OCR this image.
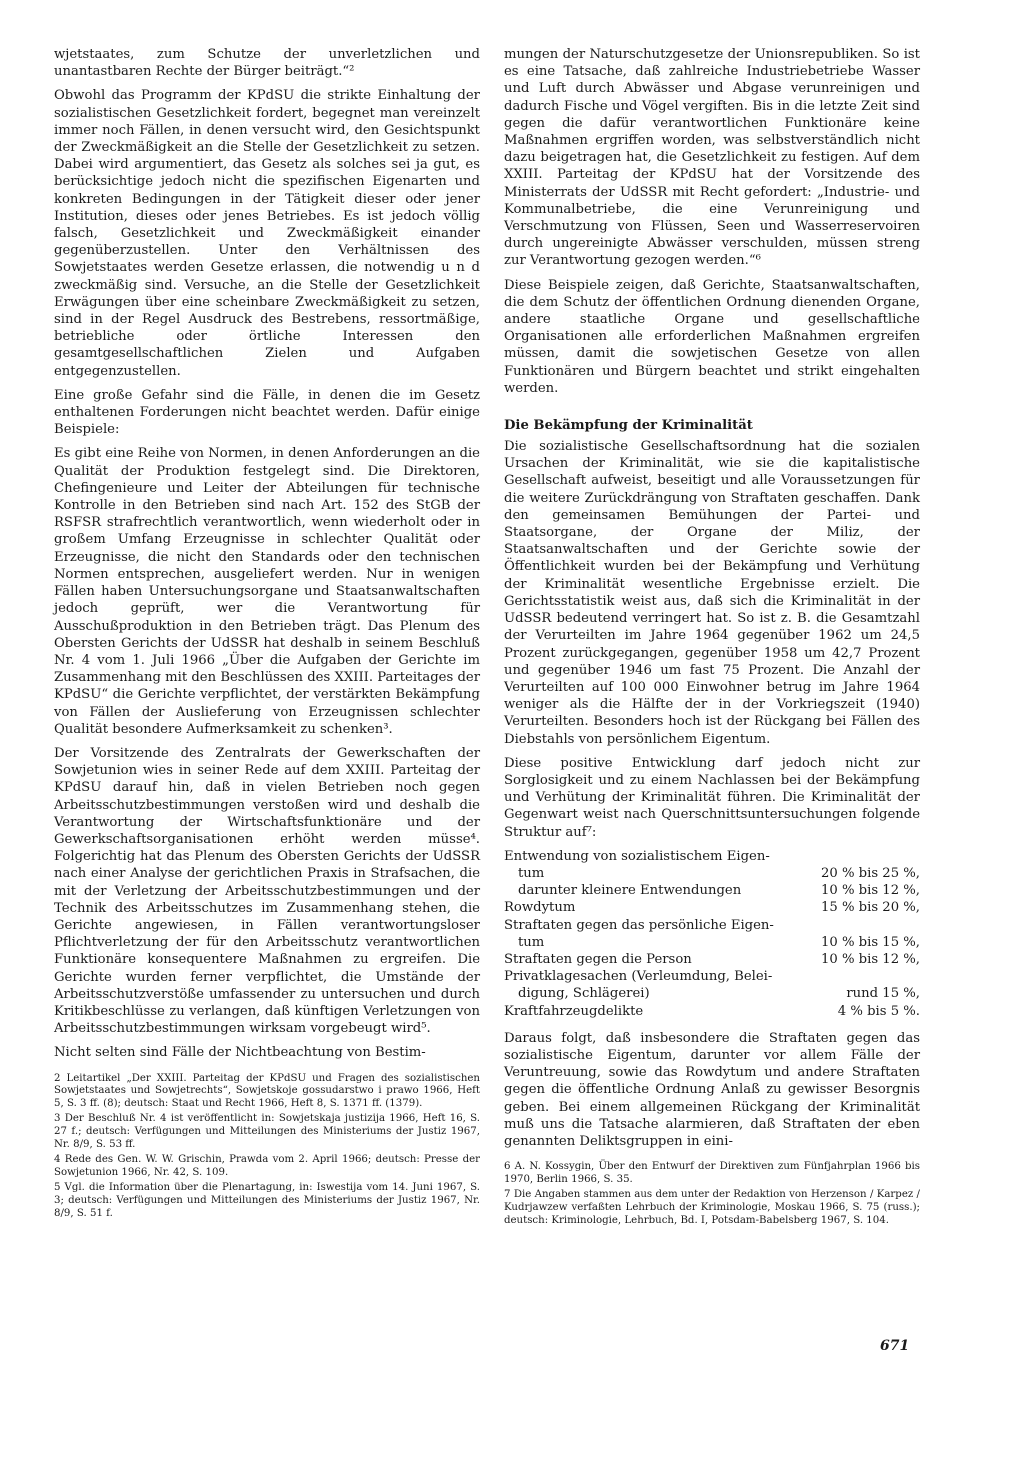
wjetstaates, zum Schutze der unverletzlichen und unantastbaren Rechte der Bürger beiträgt.“²

Obwohl das Programm der KPdSU die strikte Einhaltung der sozialistischen Gesetzlichkeit fordert, begegnet man vereinzelt immer noch Fällen, in denen versucht wird, den Gesichtspunkt der Zweckmäßigkeit an die Stelle der Gesetzlichkeit zu setzen. Dabei wird argumentiert, das Gesetz als solches sei ja gut, es berücksichtige jedoch nicht die spezifischen Eigenarten und konkreten Bedingungen in der Tätigkeit dieser oder jener Institution, dieses oder jenes Betriebes. Es ist jedoch völlig falsch, Gesetzlichkeit und Zweckmäßigkeit einander gegenüberzustellen. Unter den Verhältnissen des Sowjetstaates werden Gesetze erlassen, die notwendig u n d zweckmäßig sind. Versuche, an die Stelle der Gesetzlichkeit Erwägungen über eine scheinbare Zweckmäßigkeit zu setzen, sind in der Regel Ausdruck des Bestrebens, ressortmäßige, betriebliche oder örtliche Interessen den gesamtgesellschaftlichen Zielen und Aufgaben entgegenzustellen.

Eine große Gefahr sind die Fälle, in denen die im Gesetz enthaltenen Forderungen nicht beachtet werden. Dafür einige Beispiele:

Es gibt eine Reihe von Normen, in denen Anforderungen an die Qualität der Produktion festgelegt sind. Die Direktoren, Chefingenieure und Leiter der Abteilungen für technische Kontrolle in den Betrieben sind nach Art. 152 des StGB der RSFSR strafrechtlich verantwortlich, wenn wiederholt oder in großem Umfang Erzeugnisse in schlechter Qualität oder Erzeugnisse, die nicht den Standards oder den technischen Normen entsprechen, ausgeliefert werden. Nur in wenigen Fällen haben Untersuchungsorgane und Staatsanwaltschaften jedoch geprüft, wer die Verantwortung für Ausschußproduktion in den Betrieben trägt. Das Plenum des Obersten Gerichts der UdSSR hat deshalb in seinem Beschluß Nr. 4 vom 1. Juli 1966 „Über die Aufgaben der Gerichte im Zusammenhang mit den Beschlüssen des XXIII. Parteitages der KPdSU“ die Gerichte verpflichtet, der verstärkten Bekämpfung von Fällen der Auslieferung von Erzeugnissen schlechter Qualität besondere Aufmerksamkeit zu schenken³.

Der Vorsitzende des Zentralrats der Gewerkschaften der Sowjetunion wies in seiner Rede auf dem XXIII. Parteitag der KPdSU darauf hin, daß in vielen Betrieben noch gegen Arbeitsschutzbestimmungen verstoßen wird und deshalb die Verantwortung der Wirtschaftsfunktionäre und der Gewerkschaftsorganisationen erhöht werden müsse⁴. Folgerichtig hat das Plenum des Obersten Gerichts der UdSSR nach einer Analyse der gerichtlichen Praxis in Strafsachen, die mit der Verletzung der Arbeitsschutzbestimmungen und der Technik des Arbeitsschutzes im Zusammenhang stehen, die Gerichte angewiesen, in Fällen verantwortungsloser Pflichtverletzung der für den Arbeitsschutz verantwortlichen Funktionäre konsequentere Maßnahmen zu ergreifen. Die Gerichte wurden ferner verpflichtet, die Umstände der Arbeitsschutzverstöße umfassender zu untersuchen und durch Kritikbeschlüsse zu verlangen, daß künftigen Verletzungen von Arbeitsschutzbestimmungen wirksam vorgebeugt wird⁵.

Nicht selten sind Fälle der Nichtbeachtung von Bestim-

2 Leitartikel „Der XXIII. Parteitag der KPdSU und Fragen des sozialistischen Sowjetstaates und Sowjetrechts“, Sowjetskoje gossudarstwo i prawo 1966, Heft 5, S. 3 ff. (8); deutsch: Staat und Recht 1966, Heft 8, S. 1371 ff. (1379).
3 Der Beschluß Nr. 4 ist veröffentlicht in: Sowjetskaja justizija 1966, Heft 16, S. 27 f.; deutsch: Verfügungen und Mitteilungen des Ministeriums der Justiz 1967, Nr. 8/9, S. 53 ff.
4 Rede des Gen. W. W. Grischin, Prawda vom 2. April 1966; deutsch: Presse der Sowjetunion 1966, Nr. 42, S. 109.
5 Vgl. die Information über die Plenartagung, in: Iswestija vom 14. Juni 1967, S. 3; deutsch: Verfügungen und Mitteilungen des Ministeriums der Justiz 1967, Nr. 8/9, S. 51 f.

mungen der Naturschutzgesetze der Unionsrepubliken. So ist es eine Tatsache, daß zahlreiche Industriebetriebe Wasser und Luft durch Abwässer und Abgase verunreinigen und dadurch Fische und Vögel vergiften. Bis in die letzte Zeit sind gegen die dafür verantwortlichen Funktionäre keine Maßnahmen ergriffen worden, was selbstverständlich nicht dazu beigetragen hat, die Gesetzlichkeit zu festigen. Auf dem XXIII. Parteitag der KPdSU hat der Vorsitzende des Ministerrats der UdSSR mit Recht gefordert: „Industrie- und Kommunalbetriebe, die eine Verunreinigung und Verschmutzung von Flüssen, Seen und Wasserreservoiren durch ungereinigte Abwässer verschulden, müssen streng zur Verantwortung gezogen werden.“⁶

Diese Beispiele zeigen, daß Gerichte, Staatsanwaltschaften, die dem Schutz der öffentlichen Ordnung dienenden Organe, andere staatliche Organe und gesellschaftliche Organisationen alle erforderlichen Maßnahmen ergreifen müssen, damit die sowjetischen Gesetze von allen Funktionären und Bürgern beachtet und strikt eingehalten werden.

Die Bekämpfung der Kriminalität

Die sozialistische Gesellschaftsordnung hat die sozialen Ursachen der Kriminalität, wie sie die kapitalistische Gesellschaft aufweist, beseitigt und alle Voraussetzungen für die weitere Zurückdrängung von Straftaten geschaffen. Dank den gemeinsamen Bemühungen der Partei- und Staatsorgane, der Organe der Miliz, der Staatsanwaltschaften und der Gerichte sowie der Öffentlichkeit wurden bei der Bekämpfung und Verhütung der Kriminalität wesentliche Ergebnisse erzielt. Die Gerichtsstatistik weist aus, daß sich die Kriminalität in der UdSSR bedeutend verringert hat. So ist z. B. die Gesamtzahl der Verurteilten im Jahre 1964 gegenüber 1962 um 24,5 Prozent zurückgegangen, gegenüber 1958 um 42,7 Prozent und gegenüber 1946 um fast 75 Prozent. Die Anzahl der Verurteilten auf 100 000 Einwohner betrug im Jahre 1964 weniger als die Hälfte der in der Vorkriegszeit (1940) Verurteilten. Besonders hoch ist der Rückgang bei Fällen des Diebstahls von persönlichem Eigentum.

Diese positive Entwicklung darf jedoch nicht zur Sorglosigkeit und zu einem Nachlassen bei der Bekämpfung und Verhütung der Kriminalität führen. Die Kriminalität der Gegenwart weist nach Querschnittsuntersuchungen folgende Struktur auf⁷:

Entwendung von sozialistischem Eigen-
tum	20 % bis 25 %,
darunter kleinere Entwendungen	10 % bis 12 %,
Rowdytum	15 % bis 20 %,
Straftaten gegen das persönliche Eigen-
tum	10 % bis 15 %,
Straftaten gegen die Person	10 % bis 12 %,
Privatklagesachen (Verleumdung, Belei-
digung, Schlägerei)	rund 15 %,
Kraftfahrzeugdelikte	4 % bis 5 %.

Daraus folgt, daß insbesondere die Straftaten gegen das sozialistische Eigentum, darunter vor allem Fälle der Veruntreuung, sowie das Rowdytum und andere Straftaten gegen die öffentliche Ordnung Anlaß zu gewisser Besorgnis geben. Bei einem allgemeinen Rückgang der Kriminalität muß uns die Tatsache alarmieren, daß Straftaten der eben genannten Deliktsgruppen in eini-

6 A. N. Kossygin, Über den Entwurf der Direktiven zum Fünfjahrplan 1966 bis 1970, Berlin 1966, S. 35.
7 Die Angaben stammen aus dem unter der Redaktion von Herzenson / Karpez / Kudrjawzew verfaßten Lehrbuch der Kriminologie, Moskau 1966, S. 75 (russ.); deutsch: Kriminologie, Lehrbuch, Bd. I, Potsdam-Babelsberg 1967, S. 104.
671
